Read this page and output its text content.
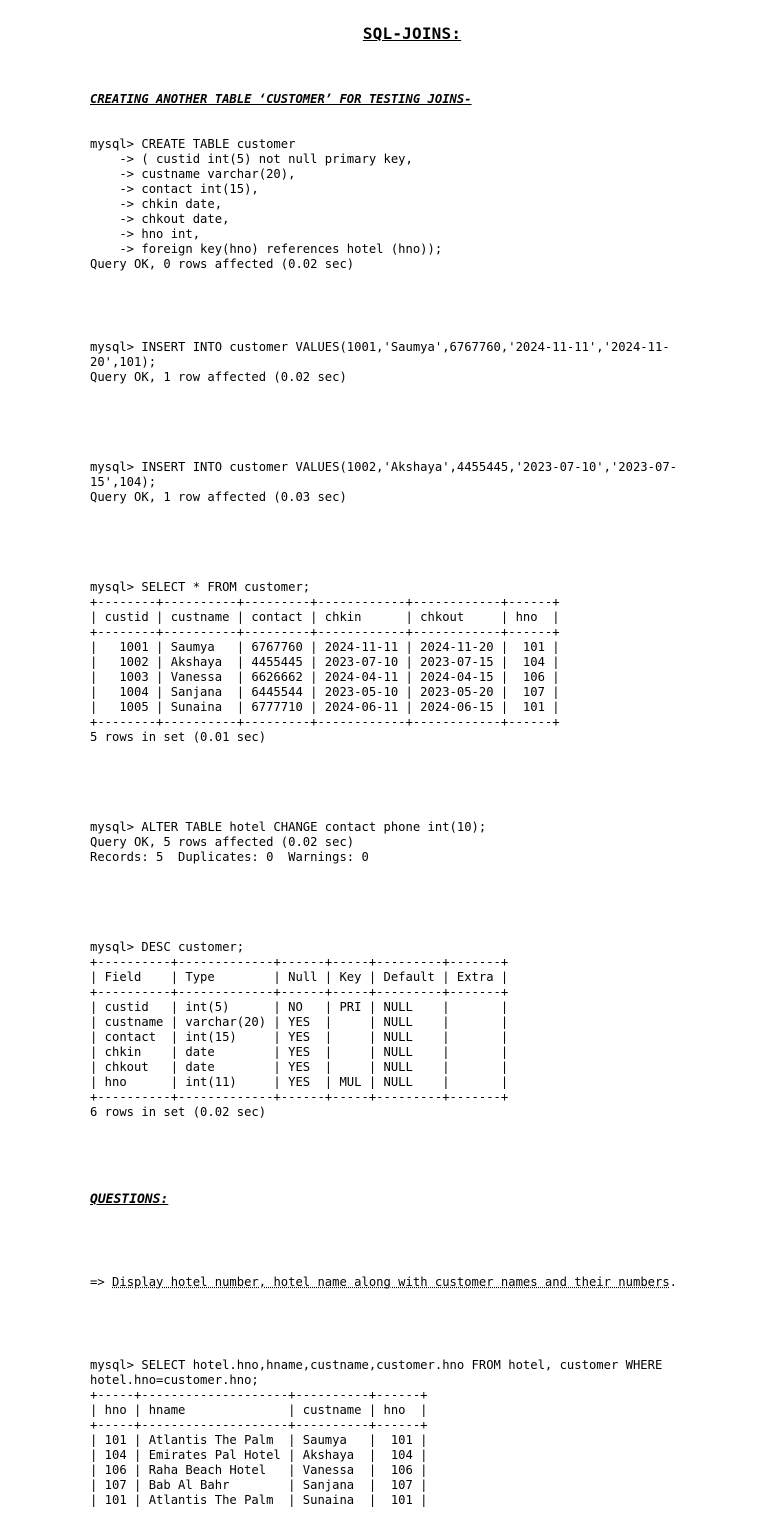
SQL-JOINS:

CREATING ANOTHER TABLE ‘CUSTOMER’ FOR TESTING JOINS-

mysql> CREATE TABLE customer
-> ( custid int(5) not null primary key,
-> custname varchar(20),
-> contact int(15),
-> chkin date,
-> chkout date,
-> hno int,
-> foreign key(hno) references hotel (hno));
Query OK, 0 rows affected (0.02 sec)

mysql> INSERT INTO customer VALUES(1001,'Saumya',6767760,'2024-11-11','2024-11-
20',101);
Query OK, 1 row affected (0.02 sec)

mysql> INSERT INTO customer VALUES(1002,'Akshaya',4455445,'2023-07-10','2023-07-
15',104);
Query OK, 1 row affected (0.03 sec)

mysql> SELECT * FROM customer;
+--------+----------+---------+------------+------------+------+
| custid | custname | contact | chkin      | chkout     | hno  |
+--------+----------+---------+------------+------------+------+
|   1001 | Saumya   | 6767760 | 2024-11-11 | 2024-11-20 |  101 |
|   1002 | Akshaya  | 4455445 | 2023-07-10 | 2023-07-15 |  104 |
|   1003 | Vanessa  | 6626662 | 2024-04-11 | 2024-04-15 |  106 |
|   1004 | Sanjana  | 6445544 | 2023-05-10 | 2023-05-20 |  107 |
|   1005 | Sunaina  | 6777710 | 2024-06-11 | 2024-06-15 |  101 |
+--------+----------+---------+------------+------------+------+
5 rows in set (0.01 sec)

mysql> ALTER TABLE hotel CHANGE contact phone int(10);
Query OK, 5 rows affected (0.02 sec)
Records: 5  Duplicates: 0  Warnings: 0

mysql> DESC customer;
+----------+-------------+------+-----+---------+-------+
| Field    | Type        | Null | Key | Default | Extra |
+----------+-------------+------+-----+---------+-------+
| custid   | int(5)      | NO   | PRI | NULL    |       |
| custname | varchar(20) | YES  |     | NULL    |       |
| contact  | int(15)     | YES  |     | NULL    |       |
| chkin    | date        | YES  |     | NULL    |       |
| chkout   | date        | YES  |     | NULL    |       |
| hno      | int(11)     | YES  | MUL | NULL    |       |
+----------+-------------+------+-----+---------+-------+
6 rows in set (0.02 sec)

QUESTIONS:

=> Display hotel number, hotel name along with customer names and their numbers.

mysql> SELECT hotel.hno,hname,custname,customer.hno FROM hotel, customer WHERE
hotel.hno=customer.hno;
+-----+--------------------+----------+------+
| hno | hname              | custname | hno  |
+-----+--------------------+----------+------+
| 101 | Atlantis The Palm  | Saumya   |  101 |
| 104 | Emirates Pal Hotel | Akshaya  |  104 |
| 106 | Raha Beach Hotel   | Vanessa  |  106 |
| 107 | Bab Al Bahr        | Sanjana  |  107 |
| 101 | Atlantis The Palm  | Sunaina  |  101 |
